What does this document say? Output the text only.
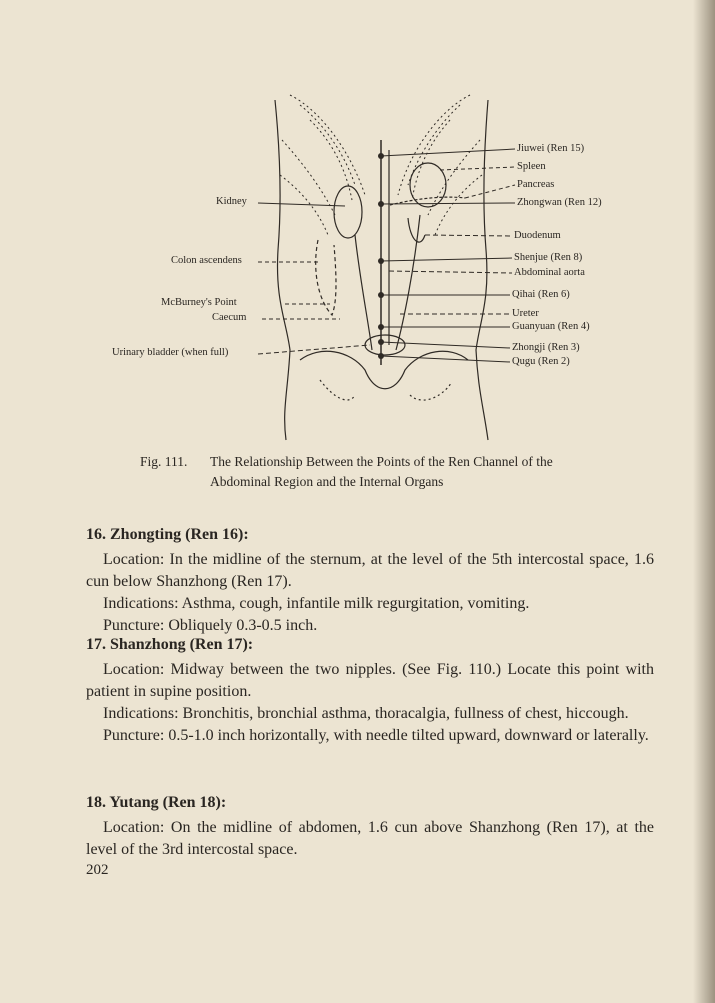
Kidney
Colon ascendens
McBurney's Point
Caecum
Urinary bladder (when full)
Jiuwei (Ren 15)
Spleen
Pancreas
Zhongwan (Ren 12)
Duodenum
Shenjue (Ren 8)
Abdominal aorta
Qihai (Ren 6)
Ureter
Guanyuan (Ren 4)
Zhongji (Ren 3)
Qugu (Ren 2)
Fig. 111. The Relationship Between the Points of the Ren Channel of the Abdominal Region and the Internal Organs
16. Zhongting (Ren 16):

Location: In the midline of the sternum, at the level of the 5th intercostal space, 1.6 cun below Shanzhong (Ren 17).

Indications: Asthma, cough, infantile milk regurgitation, vomiting.

Puncture: Obliquely 0.3-0.5 inch.

17. Shanzhong (Ren 17):

Location: Midway between the two nipples. (See Fig. 110.) Locate this point with patient in supine position.

Indications: Bronchitis, bronchial asthma, thoracalgia, fullness of chest, hiccough.

Puncture: 0.5-1.0 inch horizontally, with needle tilted upward, downward or laterally.

18. Yutang (Ren 18):

Location: On the midline of abdomen, 1.6 cun above Shanzhong (Ren 17), at the level of the 3rd intercostal space.

202
